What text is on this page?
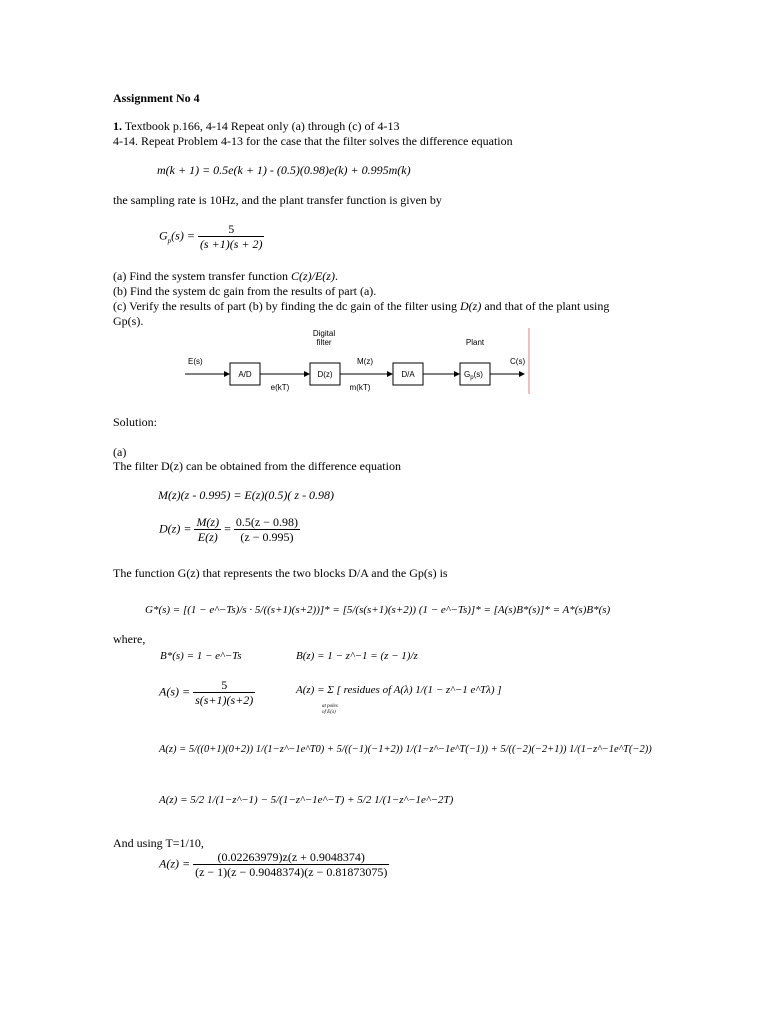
Assignment No 4
1. Textbook p.166, 4-14 Repeat only (a) through (c) of 4-13
4-14. Repeat Problem 4-13 for the case that the filter solves the difference equation
m(k + 1) = 0.5e(k + 1) - (0.5)(0.98)e(k) + 0.995m(k)
the sampling rate is 10Hz, and the plant transfer function is given by
$G_p(s) = \frac{5}{(s +1)(s + 2)}$
(a) Find the system transfer function C(z)/E(z).
(b) Find the system dc gain from the results of part (a).
(c) Verify the results of part (b) by finding the dc gain of the filter using D(z) and that of the plant using
Gp(s).
Digital
filter	Plant
E(s)	M(z)	C(s)
A/D	D(z)	D/A	$G_p(s)$
e(kT)	m(kT)
Solution:
(a)
The filter D(z) can be obtained from the difference equation
M(z)(z - 0.995) = E(z)(0.5)( z - 0.98)
$D(z) = \frac{M(z)}{E(z)} = \frac{0.5(z - 0.98)}{(z - 0.995)}$
The function G(z) that represents the two blocks D/A and the Gp(s) is
G*(s) = [(1 − e^−Ts)/s · 5/((s+1)(s+2))]* = [5/(s(s+1)(s+2)) (1 − e^−Ts)]* = [A(s)B*(s)]* = A*(s)B*(s)
where,
B*(s) = 1 − e^−Ts	B(z) = 1 − z^−1 = (z − 1)/z
$A(s) = \frac{5}{s(s+1)(s+2)}$	A(z) = Σ [ residues of A(λ) 1/(1 − z^−1 e^Tλ) ]
at poles
of E(λ)
A(z) = 5/((0+1)(0+2)) 1/(1−z^−1e^T0) + 5/((−1)(−1+2)) 1/(1−z^−1e^T(−1)) + 5/((−2)(−2+1)) 1/(1−z^−1e^T(−2))
A(z) = 5/2 1/(1−z^−1) − 5/(1−z^−1e^−T) + 5/2 1/(1−z^−1e^−2T)
And using T=1/10,
$A(z) = \frac{(0.02263979)z(z + 0.9048374)}{(z - 1)(z - 0.9048374)(z - 0.81873075)}$
